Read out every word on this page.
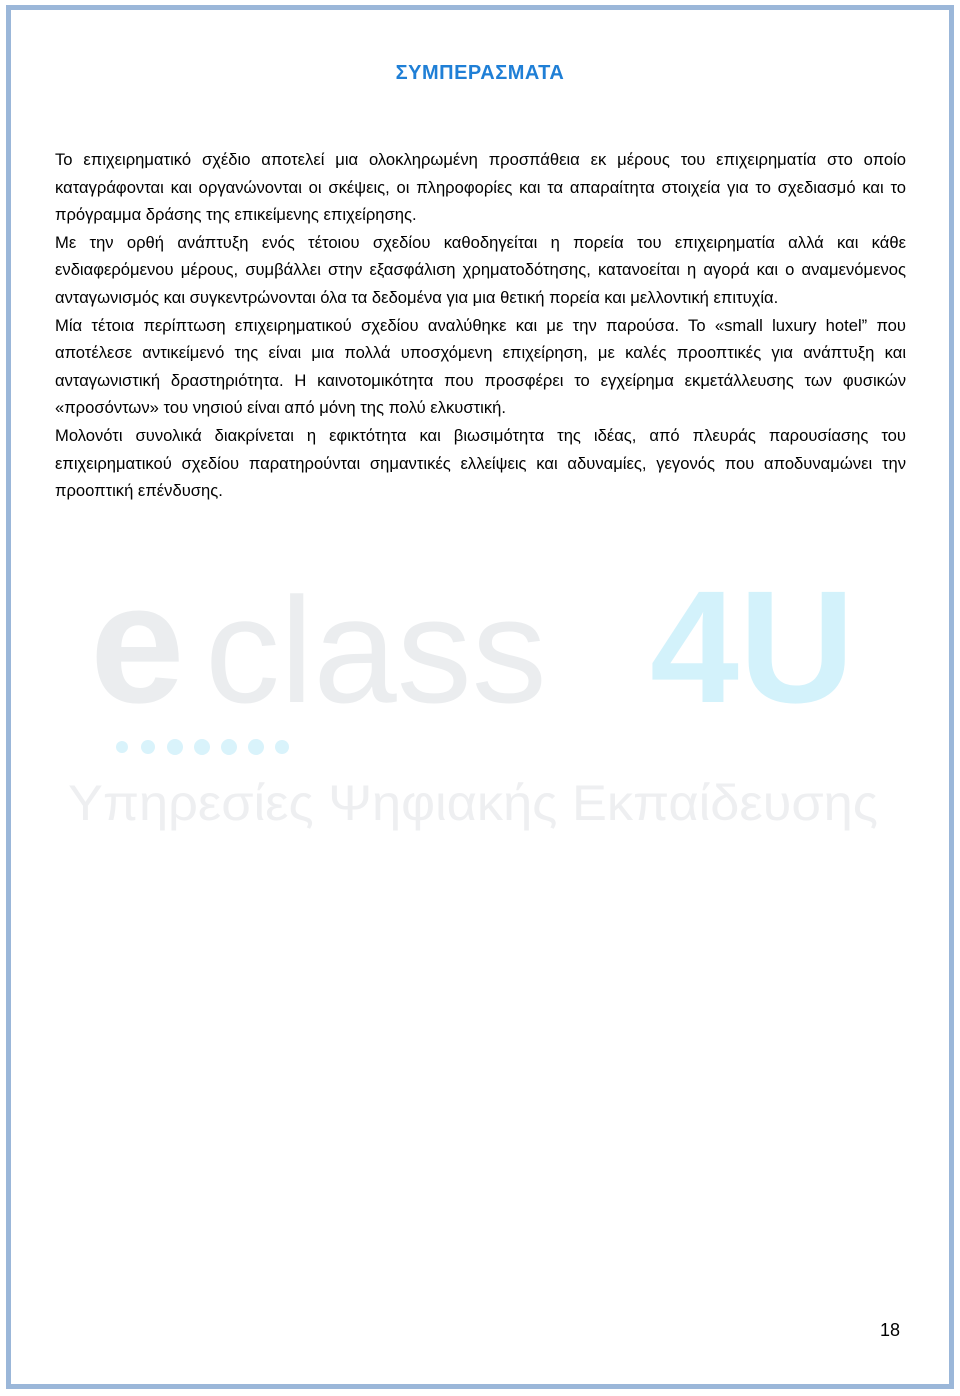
e class 4U
Υπηρεσίες Ψηφιακής Εκπαίδευσης
ΣΥΜΠΕΡΑΣΜΑΤΑ

Το επιχειρηματικό σχέδιο αποτελεί μια ολοκληρωμένη προσπάθεια εκ μέρους του επιχειρηματία στο οποίο καταγράφονται και οργανώνονται οι σκέψεις, οι πληροφορίες και τα απαραίτητα στοιχεία για το σχεδιασμό και το πρόγραμμα δράσης της επικείμενης επιχείρησης.

Με την ορθή ανάπτυξη ενός τέτοιου σχεδίου καθοδηγείται η πορεία του επιχειρηματία αλλά και κάθε ενδιαφερόμενου μέρους, συμβάλλει στην εξασφάλιση χρηματοδότησης, κατανοείται η αγορά και ο αναμενόμενος ανταγωνισμός και συγκεντρώνονται όλα τα δεδομένα για μια θετική πορεία και μελλοντική επιτυχία.

Μία τέτοια περίπτωση επιχειρηματικού σχεδίου αναλύθηκε και με την παρούσα. Το «small luxury hotel” που αποτέλεσε αντικείμενό της είναι μια πολλά υποσχόμενη επιχείρηση, με καλές προοπτικές για ανάπτυξη και ανταγωνιστική δραστηριότητα. Η καινοτομικότητα που προσφέρει το εγχείρημα εκμετάλλευσης των φυσικών «προσόντων» του νησιού είναι από μόνη της πολύ ελκυστική.

Μολονότι συνολικά διακρίνεται η εφικτότητα και βιωσιμότητα της ιδέας, από πλευράς παρουσίασης του επιχειρηματικού σχεδίου παρατηρούνται σημαντικές ελλείψεις και αδυναμίες, γεγονός που αποδυναμώνει την προοπτική επένδυσης.

18
